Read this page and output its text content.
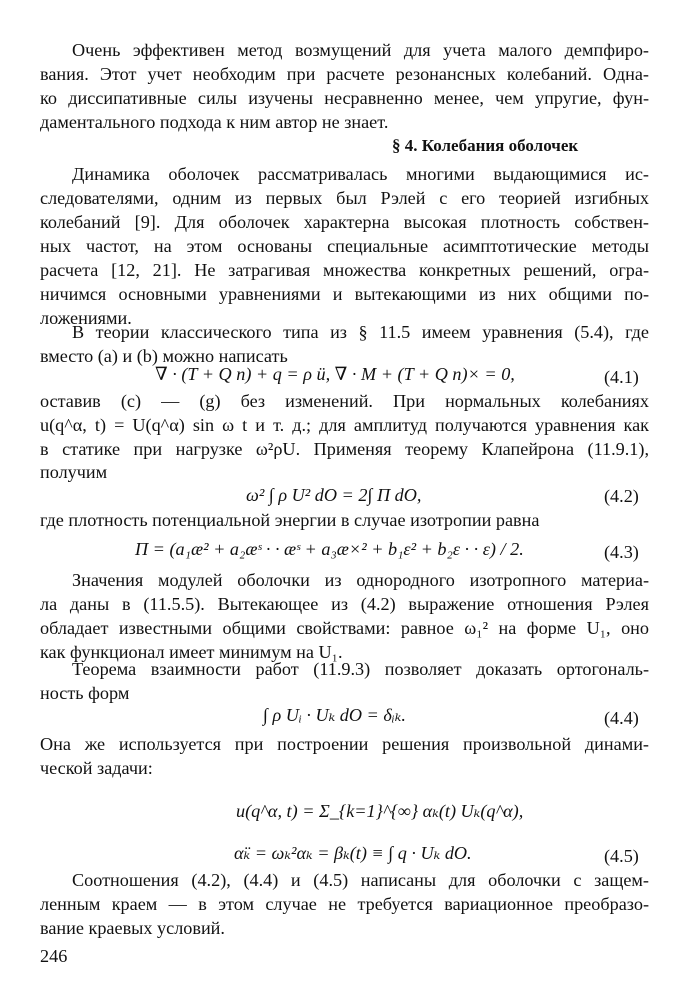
Очень эффективен метод возмущений для учета малого демпфиро-
вания. Этот учет необходим при расчете резонансных колебаний. Одна-
ко диссипативные силы изучены несравненно менее, чем упругие, фун-
даментального подхода к ним автор не знает.
§ 4. Колебания оболочек
Динамика оболочек рассматривалась многими выдающимися ис-
следователями, одним из первых был Рэлей с его теорией изгибных
колебаний [9]. Для оболочек характерна высокая плотность собствен-
ных частот, на этом основаны специальные асимптотические методы
расчета [12, 21]. Не затрагивая множества конкретных решений, огра-
ничимся основными уравнениями и вытекающими из них общими по-
ложениями.
В теории классического типа из § 11.5 имеем уравнения (5.4), где
вместо (a) и (b) можно написать
∇ · (T + Q n) + q = ρ ü, ∇ · M + (T + Q n)× = 0,	(4.1)
оставив (c) — (g) без изменений. При нормальных колебаниях
u(q^α, t) = U(q^α) sin ω t и т. д.; для амплитуд получаются уравнения как
в статике при нагрузке ω²ρU. Применяя теорему Клапейрона (11.9.1),
получим
ω² ∫ ρ U² dO = 2∫ Π dO,	(4.2)
где плотность потенциальной энергии в случае изотропии равна
Π = (a₁æ² + a₂æˢ · · æˢ + a₃æ×² + b₁ε² + b₂ε · · ε) / 2.	(4.3)
Значения модулей оболочки из однородного изотропного материа-
ла даны в (11.5.5). Вытекающее из (4.2) выражение отношения Рэлея
обладает известными общими свойствами: равное ω₁² на форме U₁, оно
как функционал имеет минимум на U₁.
Теорема взаимности работ (11.9.3) позволяет доказать ортогональ-
ность форм
∫ ρ Uᵢ · Uₖ dO = δᵢₖ.	(4.4)
Она же используется при построении решения произвольной динами-
ческой задачи:
u(q^α, t) = Σ_{k=1}^{∞} αₖ(t) Uₖ(q^α),
α̈ₖ = ωₖ²αₖ = βₖ(t) ≡ ∫ q · Uₖ dO.	(4.5)
Соотношения (4.2), (4.4) и (4.5) написаны для оболочки с защем-
ленным краем — в этом случае не требуется вариационное преобразо-
вание краевых условий.
246
